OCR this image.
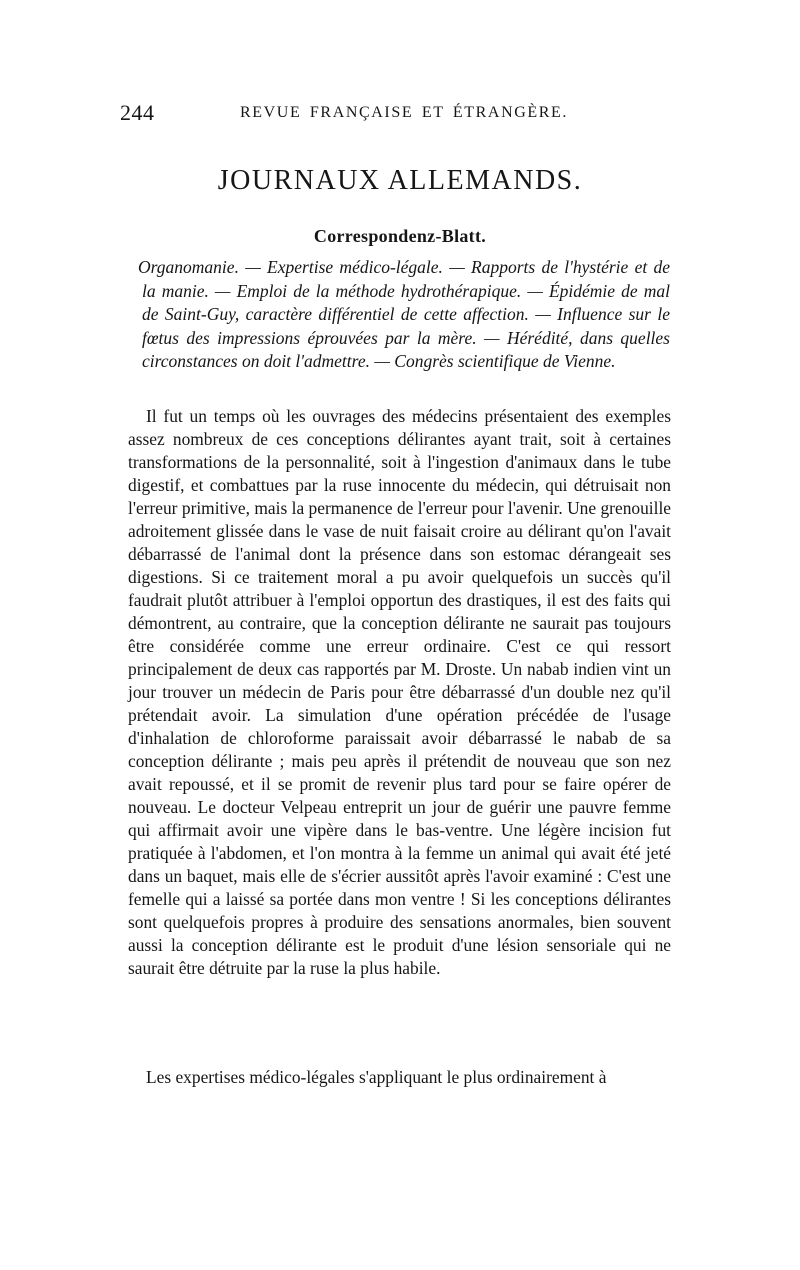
244	REVUE FRANÇAISE ET ÉTRANGÈRE.
JOURNAUX ALLEMANDS.
Correspondenz-Blatt.

Organomanie. — Expertise médico-légale. — Rapports de l'hystérie et de la manie. — Emploi de la méthode hydrothérapique. — Épidémie de mal de Saint-Guy, caractère différentiel de cette affection. — Influence sur le fœtus des impressions éprouvées par la mère. — Hérédité, dans quelles circonstances on doit l'admettre. — Congrès scientifique de Vienne.

Il fut un temps où les ouvrages des médecins présentaient des exemples assez nombreux de ces conceptions délirantes ayant trait, soit à certaines transformations de la personnalité, soit à l'ingestion d'animaux dans le tube digestif, et combattues par la ruse innocente du médecin, qui détruisait non l'erreur primitive, mais la permanence de l'erreur pour l'avenir. Une grenouille adroitement glissée dans le vase de nuit faisait croire au délirant qu'on l'avait débarrassé de l'animal dont la présence dans son estomac dérangeait ses digestions. Si ce traitement moral a pu avoir quelquefois un succès qu'il faudrait plutôt attribuer à l'emploi opportun des drastiques, il est des faits qui démontrent, au contraire, que la conception délirante ne saurait pas toujours être considérée comme une erreur ordinaire. C'est ce qui ressort principalement de deux cas rapportés par M. Droste. Un nabab indien vint un jour trouver un médecin de Paris pour être débarrassé d'un double nez qu'il prétendait avoir. La simulation d'une opération précédée de l'usage d'inhalation de chloroforme paraissait avoir débarrassé le nabab de sa conception délirante ; mais peu après il prétendit de nouveau que son nez avait repoussé, et il se promit de revenir plus tard pour se faire opérer de nouveau. Le docteur Velpeau entreprit un jour de guérir une pauvre femme qui affirmait avoir une vipère dans le bas-ventre. Une légère incision fut pratiquée à l'abdomen, et l'on montra à la femme un animal qui avait été jeté dans un baquet, mais elle de s'écrier aussitôt après l'avoir examiné : C'est une femelle qui a laissé sa portée dans mon ventre ! Si les conceptions délirantes sont quelquefois propres à produire des sensations anormales, bien souvent aussi la conception délirante est le produit d'une lésion sensoriale qui ne saurait être détruite par la ruse la plus habile.

Les expertises médico-légales s'appliquant le plus ordinairement à
